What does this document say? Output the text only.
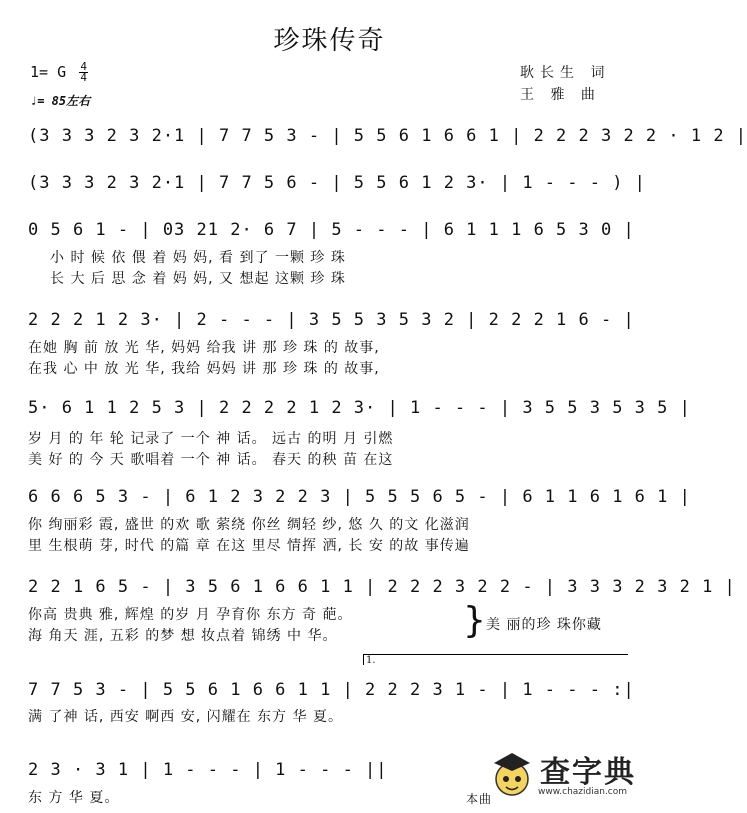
珍珠传奇
1= G $\frac{4}{4}$
♩= 85左右
耿长生 词
王 雅 曲
(3 3 3 2 3 2·1 | 7 7 5 3 - | 5 5 6 1 6 6 1 | 2 2 2 3 2 2 · 1 2 |
(3 3 3 2 3 2·1 | 7 7 5 6 - | 5 5 6 1 2 3· | 1 - - - ) |
0 5 6 1 - | 03 21 2· 6 7 | 5 - - - | 6 1 1 1 6 5 3 0 |
小 时 候 依 偎 着 妈 妈, 看 到了 一颗 珍 珠
长 大 后 思 念 着 妈 妈, 又 想起 这颗 珍 珠
2 2 2 1 2 3· | 2 - - - | 3 5 5 3 5 3 2 | 2 2 2 1 6 - |
在她 胸 前 放 光 华, 妈妈 给我 讲 那 珍 珠 的 故事,
在我 心 中 放 光 华, 我给 妈妈 讲 那 珍 珠 的 故事,
5· 6 1 1 2 5 3 | 2 2 2 2 1 2 3· | 1 - - - | 3 5 5 3 5 3 5 |
岁 月 的 年 轮 记录了 一个 神 话。 远古 的明 月 引燃
美 好 的 今 天 歌唱着 一个 神 话。 春天 的秧 苗 在这
6 6 6 5 3 - | 6 1 2 3 2 2 3 | 5 5 5 6 5 - | 6 1 1 6 1 6 1 |
你 绚丽彩 霞, 盛世 的欢 歌 萦绕 你丝 绸轻 纱, 悠 久 的文 化滋润
里 生根萌 芽, 时代 的篇 章 在这 里尽 情挥 洒, 长 安 的故 事传遍
2 2 1 6 5 - | 3 5 6 1 6 6 1 1 | 2 2 2 3 2 2 - | 3 3 3 2 3 2 1 |
你高 贵典 雅, 辉煌 的岁 月 孕育你 东方 奇 葩。
海 角天 涯, 五彩 的梦 想 妆点着 锦绣 中 华。	} 美 丽的珍 珠你藏
1.
7 7 5 3 - | 5 5 6 1 6 6 1 1 | 2 2 2 3 1 - | 1 - - - :|
满 了神 话, 西安 啊西 安, 闪耀在 东方 华 夏。
2 3 · 3 1 | 1 - - - | 1 - - - ||
东 方 华 夏。	本曲
查字典
www.chazidian.com
